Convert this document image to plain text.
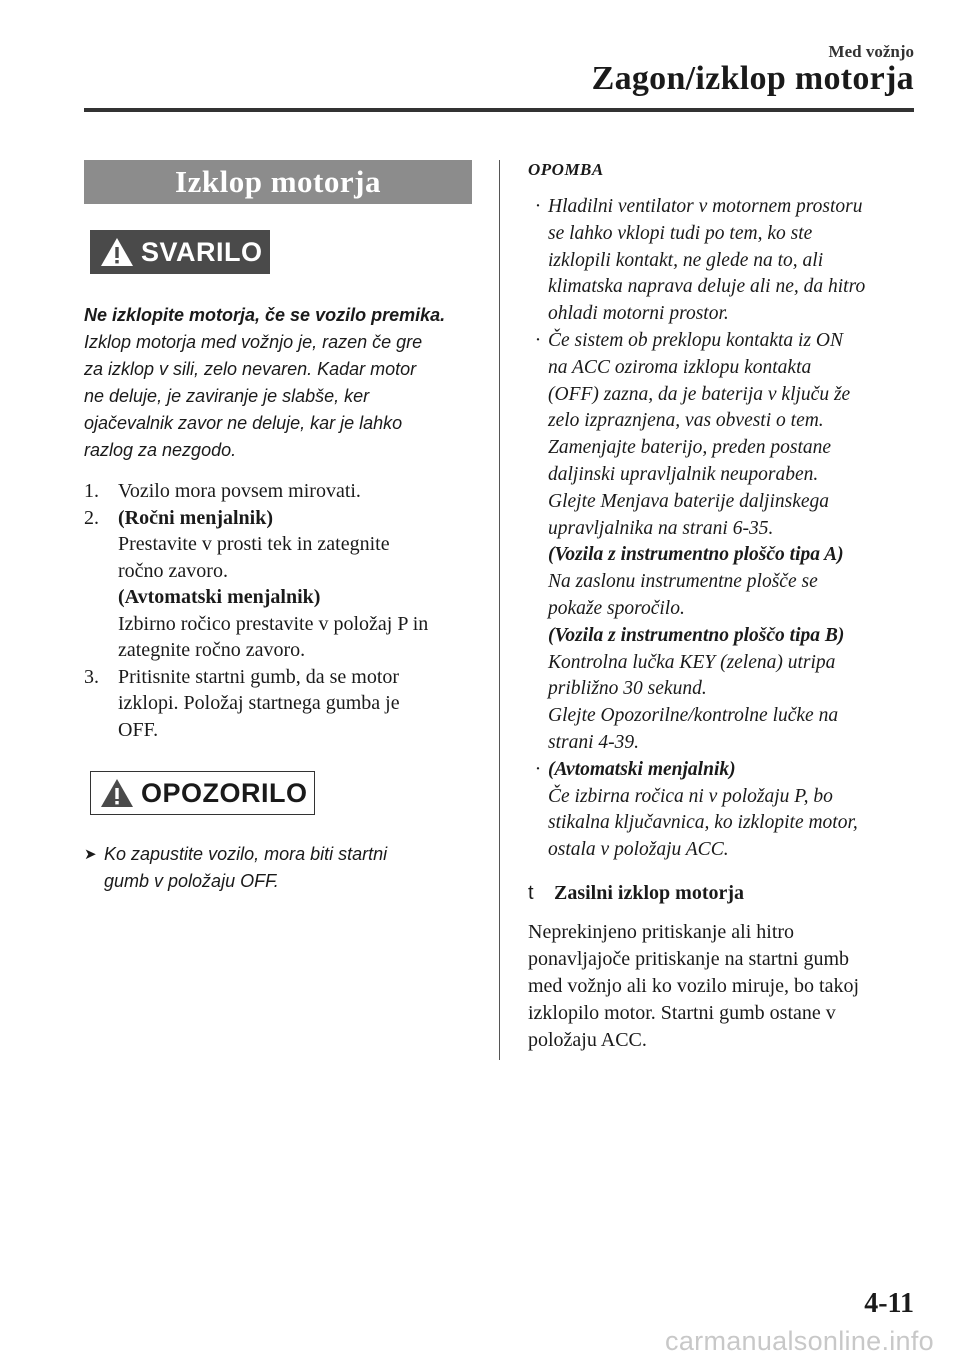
Med vožnjo
Zagon/izklop motorja
Izklop motorja
SVARILO
Ne izklopite motorja, če se vozilo premika.
Izklop motorja med vožnjo je, razen če gre
za izklop v sili, zelo nevaren. Kadar motor
ne deluje, je zaviranje je slabše, ker
ojačevalnik zavor ne deluje, kar je lahko
razlog za nezgodo.
1. Vozilo mora povsem mirovati.
2. (Ročni menjalnik)
Prestavite v prosti tek in zategnite
ročno zavoro.
(Avtomatski menjalnik)
Izbirno ročico prestavite v položaj P in
zategnite ročno zavoro.
3. Pritisnite startni gumb, da se motor
izklopi. Položaj startnega gumba je
OFF.
OPOZORILO
➤ Ko zapustite vozilo, mora biti startni
gumb v položaju OFF.
OPOMBA
· Hladilni ventilator v motornem prostoru
se lahko vklopi tudi po tem, ko ste
izklopili kontakt, ne glede na to, ali
klimatska naprava deluje ali ne, da hitro
ohladi motorni prostor.
· Če sistem ob preklopu kontakta iz ON
na ACC oziroma izklopu kontakta
(OFF) zazna, da je baterija v ključu že
zelo izpraznjena, vas obvesti o tem.
Zamenjajte baterijo, preden postane
daljinski upravljalnik neuporaben.
Glejte Menjava baterije daljinskega
upravljalnika na strani 6-35.
(Vozila z instrumentno ploščo tipa A)
Na zaslonu instrumentne plošče se
pokaže sporočilo.
(Vozila z instrumentno ploščo tipa B)
Kontrolna lučka KEY (zelena) utripa
približno 30 sekund.
Glejte Opozorilne/kontrolne lučke na
strani 4-39.
· (Avtomatski menjalnik)
Če izbirna ročica ni v položaju P, bo
stikalna ključavnica, ko izklopite motor,
ostala v položaju ACC.
t	Zasilni izklop motorja
Neprekinjeno pritiskanje ali hitro
ponavljajoče pritiskanje na startni gumb
med vožnjo ali ko vozilo miruje, bo takoj
izklopilo motor. Startni gumb ostane v
položaju ACC.
4-11
carmanualsonline.info
